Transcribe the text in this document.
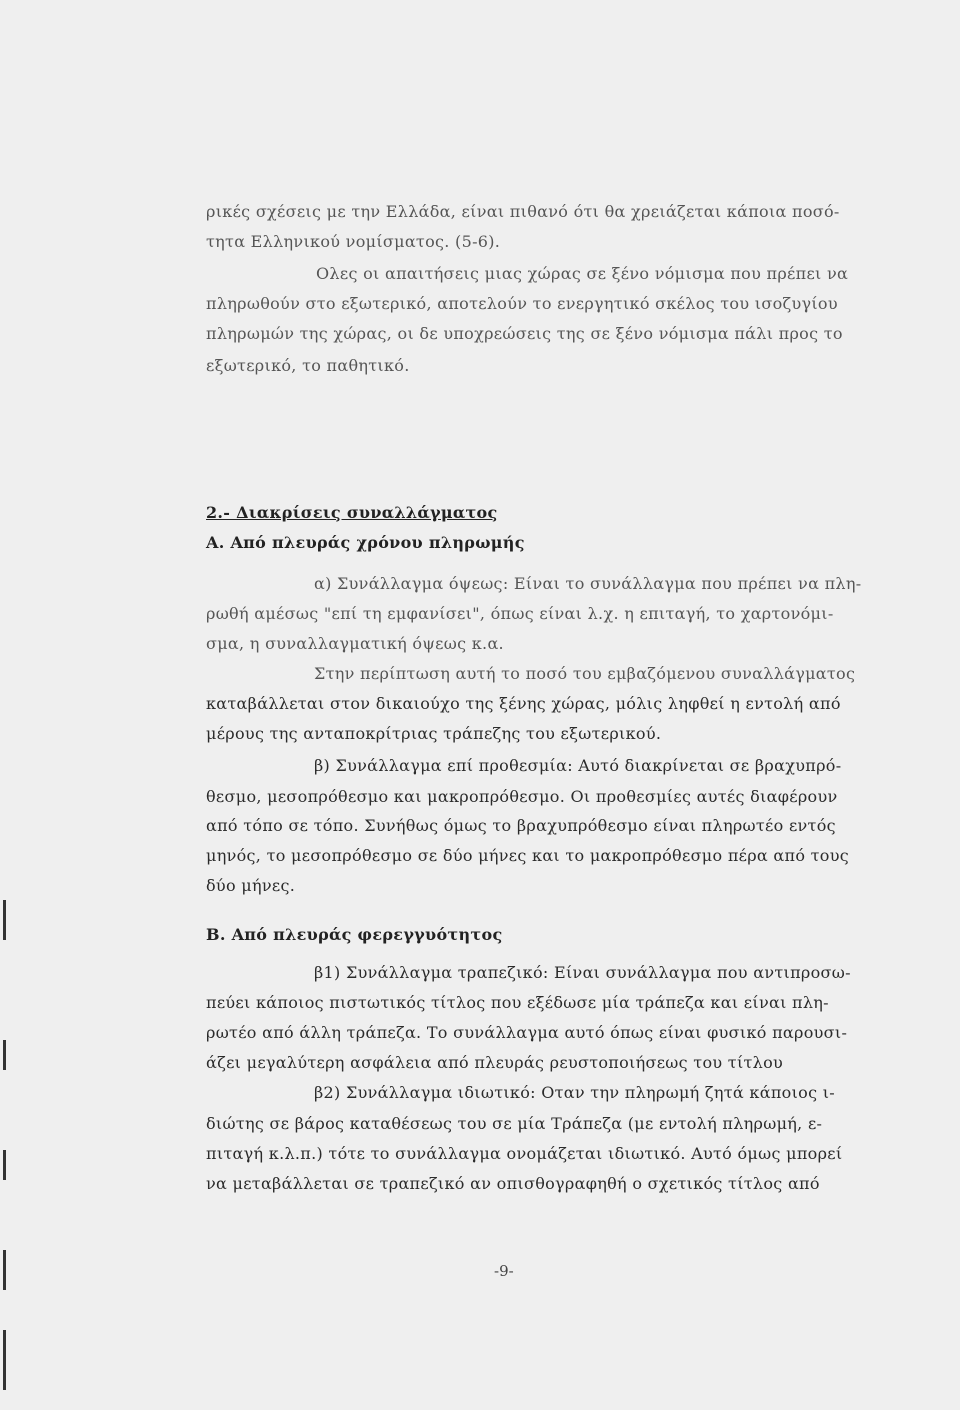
ρικές σχέσεις με την Ελλάδα, είναι πιθανό ότι θα χρειάζεται κάποια ποσό-
τητα Ελληνικού νομίσματος. (5-6).
Ολες οι απαιτήσεις μιας χώρας σε ξένο νόμισμα που πρέπει να
πληρωθούν στο εξωτερικό, αποτελούν το ενεργητικό σκέλος του ισοζυγίου
πληρωμών της χώρας, οι δε υποχρεώσεις της σε ξένο νόμισμα πάλι προς το
εξωτερικό, το παθητικό.
2.- Διακρίσεις συναλλάγματος
Α. Από πλευράς χρόνου πληρωμής
α) Συνάλλαγμα όψεως: Είναι το συνάλλαγμα που πρέπει να πλη-
ρωθή αμέσως "επί τη εμφανίσει", όπως είναι λ.χ. η επιταγή, το χαρτονόμι-
σμα, η συναλλαγματική όψεως κ.α.
Στην περίπτωση αυτή το ποσό του εμβαζόμενου συναλλάγματος
καταβάλλεται στον δικαιούχο της ξένης χώρας, μόλις ληφθεί η εντολή από
μέρους της ανταποκρίτριας τράπεζης του εξωτερικού.
β) Συνάλλαγμα επί προθεσμία: Αυτό διακρίνεται σε βραχυπρό-
θεσμο, μεσοπρόθεσμο και μακροπρόθεσμο. Οι προθεσμίες αυτές διαφέρουν
από τόπο σε τόπο. Συνήθως όμως το βραχυπρόθεσμο είναι πληρωτέο εντός
μηνός, το μεσοπρόθεσμο σε δύο μήνες και το μακροπρόθεσμο πέρα από τους
δύο μήνες.
Β. Από πλευράς φερεγγυότητος
β1) Συνάλλαγμα τραπεζικό: Είναι συνάλλαγμα που αντιπροσω-
πεύει κάποιος πιστωτικός τίτλος που εξέδωσε μία τράπεζα και είναι πλη-
ρωτέο από άλλη τράπεζα. Το συνάλλαγμα αυτό όπως είναι φυσικό παρουσι-
άζει μεγαλύτερη ασφάλεια από πλευράς ρευστοποιήσεως του τίτλου
β2) Συνάλλαγμα ιδιωτικό: Οταν την πληρωμή ζητά κάποιος ι-
διώτης σε βάρος καταθέσεως του σε μία Τράπεζα (με εντολή πληρωμή, ε-
πιταγή κ.λ.π.) τότε το συνάλλαγμα ονομάζεται ιδιωτικό. Αυτό όμως μπορεί
να μεταβάλλεται σε τραπεζικό αν οπισθογραφηθή ο σχετικός τίτλος από
-9-
